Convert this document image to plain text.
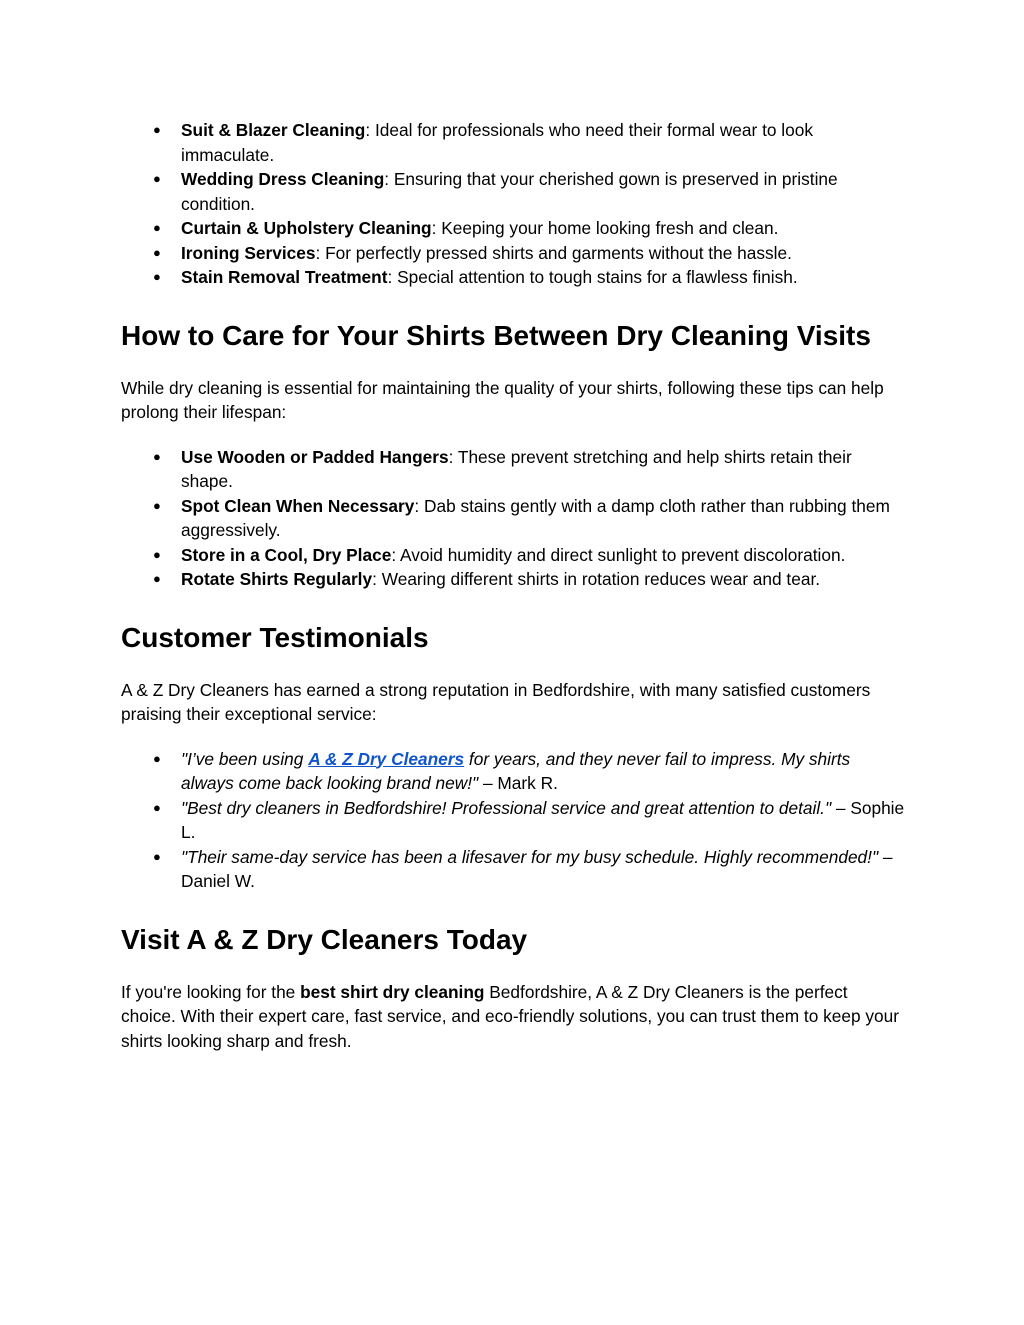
● Suit & Blazer Cleaning: Ideal for professionals who need their formal wear to look immaculate.
● Wedding Dress Cleaning: Ensuring that your cherished gown is preserved in pristine condition.
● Curtain & Upholstery Cleaning: Keeping your home looking fresh and clean.
● Ironing Services: For perfectly pressed shirts and garments without the hassle.
● Stain Removal Treatment: Special attention to tough stains for a flawless finish.
How to Care for Your Shirts Between Dry Cleaning Visits

While dry cleaning is essential for maintaining the quality of your shirts, following these tips can help prolong their lifespan:

● Use Wooden or Padded Hangers: These prevent stretching and help shirts retain their shape.
● Spot Clean When Necessary: Dab stains gently with a damp cloth rather than rubbing them aggressively.
● Store in a Cool, Dry Place: Avoid humidity and direct sunlight to prevent discoloration.
● Rotate Shirts Regularly: Wearing different shirts in rotation reduces wear and tear.
Customer Testimonials

A & Z Dry Cleaners has earned a strong reputation in Bedfordshire, with many satisfied customers praising their exceptional service:

● "I’ve been using A & Z Dry Cleaners for years, and they never fail to impress. My shirts always come back looking brand new!" – Mark R.
● "Best dry cleaners in Bedfordshire! Professional service and great attention to detail." – Sophie L.
● "Their same-day service has been a lifesaver for my busy schedule. Highly recommended!" – Daniel W.
Visit A & Z Dry Cleaners Today

If you're looking for the best shirt dry cleaning Bedfordshire, A & Z Dry Cleaners is the perfect choice. With their expert care, fast service, and eco-friendly solutions, you can trust them to keep your shirts looking sharp and fresh.
